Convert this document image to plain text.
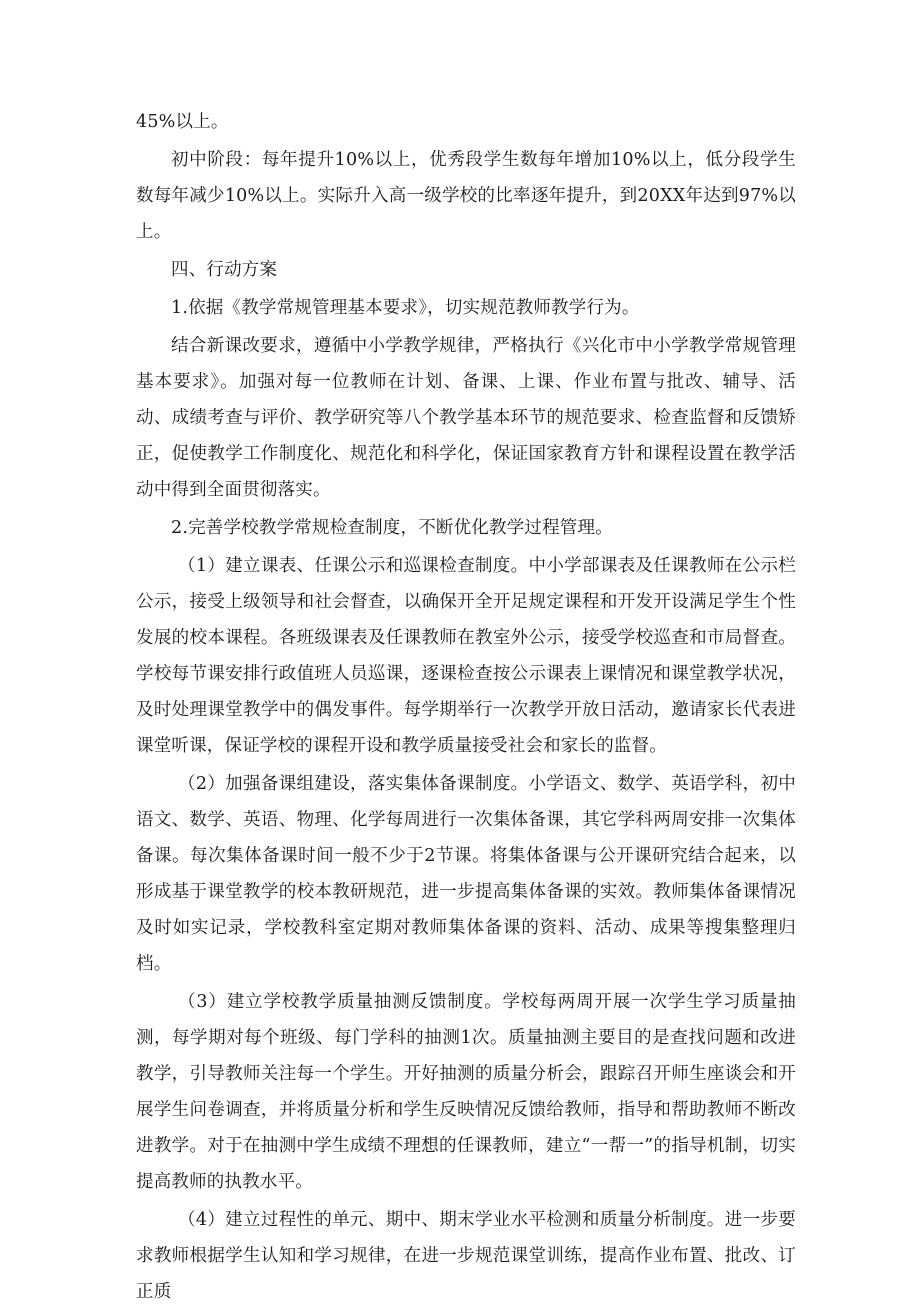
45%以上。

初中阶段：每年提升10%以上，优秀段学生数每年增加10%以上，低分段学生数每年减少10%以上。实际升入高一级学校的比率逐年提升，到20XX年达到97%以上。

四、行动方案

1.依据《教学常规管理基本要求》，切实规范教师教学行为。

结合新课改要求，遵循中小学教学规律，严格执行《兴化市中小学教学常规管理基本要求》。加强对每一位教师在计划、备课、上课、作业布置与批改、辅导、活动、成绩考查与评价、教学研究等八个教学基本环节的规范要求、检查监督和反馈矫正，促使教学工作制度化、规范化和科学化，保证国家教育方针和课程设置在教学活动中得到全面贯彻落实。

2.完善学校教学常规检查制度，不断优化教学过程管理。

（1）建立课表、任课公示和巡课检查制度。中小学部课表及任课教师在公示栏公示，接受上级领导和社会督查，以确保开全开足规定课程和开发开设满足学生个性发展的校本课程。各班级课表及任课教师在教室外公示，接受学校巡查和市局督查。学校每节课安排行政值班人员巡课，逐课检查按公示课表上课情况和课堂教学状况，及时处理课堂教学中的偶发事件。每学期举行一次教学开放日活动，邀请家长代表进课堂听课，保证学校的课程开设和教学质量接受社会和家长的监督。

（2）加强备课组建设，落实集体备课制度。小学语文、数学、英语学科，初中语文、数学、英语、物理、化学每周进行一次集体备课，其它学科两周安排一次集体备课。每次集体备课时间一般不少于2节课。将集体备课与公开课研究结合起来，以形成基于课堂教学的校本教研规范，进一步提高集体备课的实效。教师集体备课情况及时如实记录，学校教科室定期对教师集体备课的资料、活动、成果等搜集整理归档。

（3）建立学校教学质量抽测反馈制度。学校每两周开展一次学生学习质量抽测，每学期对每个班级、每门学科的抽测1次。质量抽测主要目的是查找问题和改进教学，引导教师关注每一个学生。开好抽测的质量分析会，跟踪召开师生座谈会和开展学生问卷调查，并将质量分析和学生反映情况反馈给教师，指导和帮助教师不断改进教学。对于在抽测中学生成绩不理想的任课教师，建立“一帮一”的指导机制，切实提高教师的执教水平。

（4）建立过程性的单元、期中、期末学业水平检测和质量分析制度。进一步要求教师根据学生认知和学习规律，在进一步规范课堂训练，提高作业布置、批改、订正质
